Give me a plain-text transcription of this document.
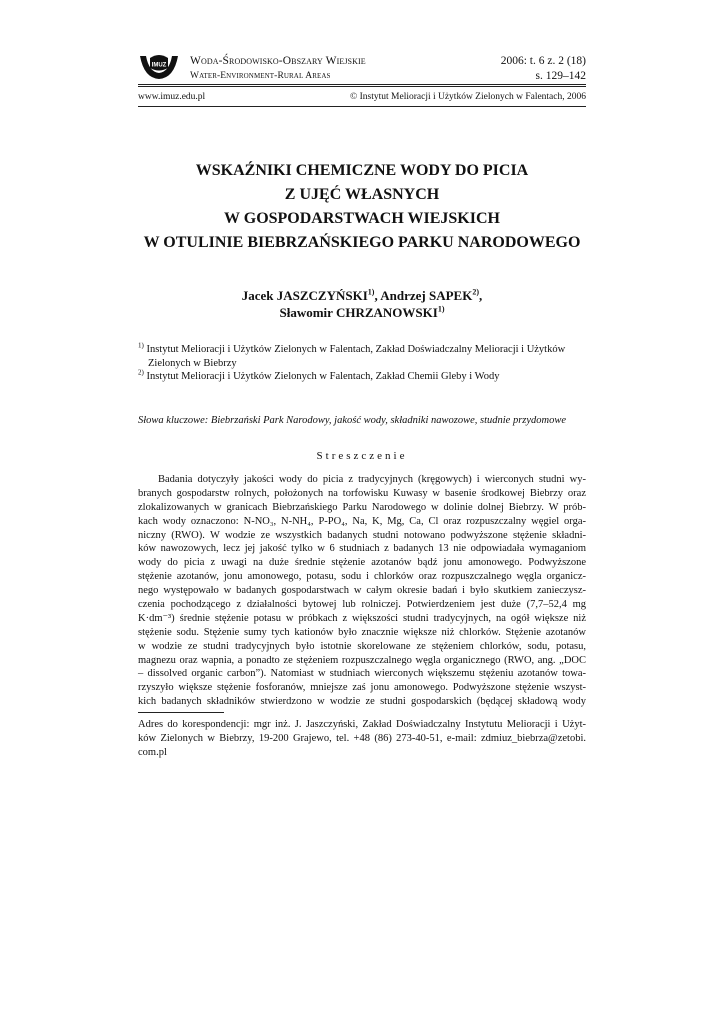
IMUZ Woda-Środowisko-Obszary Wiejskie
Water-Environment-Rural Areas
2006: t. 6 z. 2 (18)
s. 129–142
www.imuz.edu.pl	© Instytut Melioracji i Użytków Zielonych w Falentach, 2006
WSKAŹNIKI CHEMICZNE WODY DO PICIA
Z UJĘĆ WŁASNYCH
W GOSPODARSTWACH WIEJSKICH
W OTULINIE BIEBRZAŃSKIEGO PARKU NARODOWEGO
Jacek JASZCZYŃSKI$^{1)}$, Andrzej SAPEK$^{2)}$,
Sławomir CHRZANOWSKI$^{1)}$
$^{1)}$ Instytut Melioracji i Użytków Zielonych w Falentach, Zakład Doświadczalny Melioracji i Użytków Zielonych w Biebrzy
$^{2)}$ Instytut Melioracji i Użytków Zielonych w Falentach, Zakład Chemii Gleby i Wody
Słowa kluczowe: Biebrzański Park Narodowy, jakość wody, składniki nawozowe, studnie przydomowe
Streszczenie
Badania dotyczyły jakości wody do picia z tradycyjnych (kręgowych) i wierconych studni wy-
branych gospodarstw rolnych, położonych na torfowisku Kuwasy w basenie środkowej Biebrzy oraz
zlokalizowanych w granicach Biebrzańskiego Parku Narodowego w dolinie dolnej Biebrzy. W prób-
kach wody oznaczono: N-NO₃, N-NH₄, P-PO₄, Na, K, Mg, Ca, Cl oraz rozpuszczalny węgiel orga-
niczny (RWO). W wodzie ze wszystkich badanych studni notowano podwyższone stężenie składni-
ków nawozowych, lecz jej jakość tylko w 6 studniach z badanych 13 nie odpowiadała wymaganiom
wody do picia z uwagi na duże średnie stężenie azotanów bądź jonu amonowego. Podwyższone
stężenie azotanów, jonu amonowego, potasu, sodu i chlorków oraz rozpuszczalnego węgla organicz-
nego występowało w badanych gospodarstwach w całym okresie badań i było skutkiem zanieczysz-
czenia pochodzącego z działalności bytowej lub rolniczej. Potwierdzeniem jest duże (7,7–52,4 mg
K·dm⁻³) średnie stężenie potasu w próbkach z większości studni tradycyjnych, na ogół większe niż
stężenie sodu. Stężenie sumy tych kationów było znacznie większe niż chlorków. Stężenie azotanów
w wodzie ze studni tradycyjnych było istotnie skorelowane ze stężeniem chlorków, sodu, potasu,
magnezu oraz wapnia, a ponadto ze stężeniem rozpuszczalnego węgla organicznego (RWO, ang. „DOC
– dissolved organic carbon”). Natomiast w studniach wierconych większemu stężeniu azotanów towa-
rzyszyło większe stężenie fosforanów, mniejsze zaś jonu amonowego. Podwyższone stężenie wszyst-
kich badanych składników stwierdzono w wodzie ze studni gospodarskich (będącej składową wody
Adres do korespondencji: mgr inż. J. Jaszczyński, Zakład Doświadczalny Instytutu Melioracji i Użyt-
ków Zielonych w Biebrzy, 19-200 Grajewo, tel. +48 (86) 273-40-51, e-mail: zdmiuz_biebrza@zetobi.
com.pl
